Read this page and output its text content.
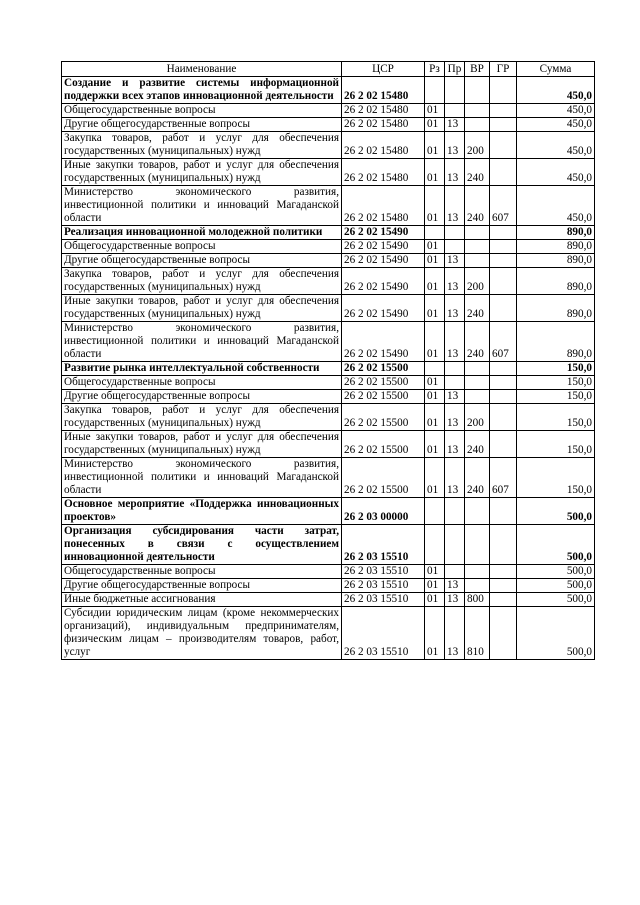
Наименование	ЦСР	Рз	Пр	ВР	ГР	Сумма
Создание и развитие системы информационной поддержки всех этапов инновационной деятельности	26 2 02 15480					450,0
Общегосударственные вопросы	26 2 02 15480	01				450,0
Другие общегосударственные вопросы	26 2 02 15480	01	13			450,0
Закупка товаров, работ и услуг для обеспечения государственных (муниципальных) нужд	26 2 02 15480	01	13	200		450,0
Иные закупки товаров, работ и услуг для обеспечения государственных (муниципальных) нужд	26 2 02 15480	01	13	240		450,0
Министерство экономического развития, инвестиционной политики и инноваций Магаданской области	26 2 02 15480	01	13	240	607	450,0
Реализация инновационной молодежной политики	26 2 02 15490					890,0
Общегосударственные вопросы	26 2 02 15490	01				890,0
Другие общегосударственные вопросы	26 2 02 15490	01	13			890,0
Закупка товаров, работ и услуг для обеспечения государственных (муниципальных) нужд	26 2 02 15490	01	13	200		890,0
Иные закупки товаров, работ и услуг для обеспечения государственных (муниципальных) нужд	26 2 02 15490	01	13	240		890,0
Министерство экономического развития, инвестиционной политики и инноваций Магаданской области	26 2 02 15490	01	13	240	607	890,0
Развитие рынка интеллектуальной собственности	26 2 02 15500					150,0
Общегосударственные вопросы	26 2 02 15500	01				150,0
Другие общегосударственные вопросы	26 2 02 15500	01	13			150,0
Закупка товаров, работ и услуг для обеспечения государственных (муниципальных) нужд	26 2 02 15500	01	13	200		150,0
Иные закупки товаров, работ и услуг для обеспечения государственных (муниципальных) нужд	26 2 02 15500	01	13	240		150,0
Министерство экономического развития, инвестиционной политики и инноваций Магаданской области	26 2 02 15500	01	13	240	607	150,0
Основное мероприятие «Поддержка инновационных проектов»	26 2 03 00000					500,0
Организация субсидирования части затрат, понесенных в связи с осуществлением инновационной деятельности	26 2 03 15510					500,0
Общегосударственные вопросы	26 2 03 15510	01				500,0
Другие общегосударственные вопросы	26 2 03 15510	01	13			500,0
Иные бюджетные ассигнования	26 2 03 15510	01	13	800		500,0
Субсидии юридическим лицам (кроме некоммерческих организаций), индивидуальным предпринимателям, физическим лицам – производителям товаров, работ, услуг	26 2 03 15510	01	13	810		500,0
